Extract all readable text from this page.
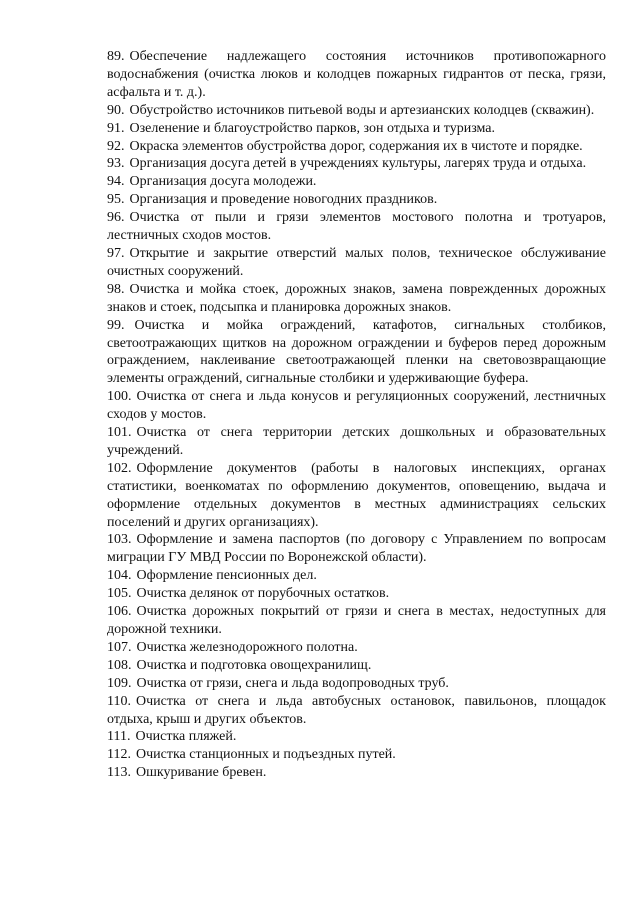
89. Обеспечение надлежащего состояния источников противопожарного водоснабжения (очистка люков и колодцев пожарных гидрантов от песка, грязи, асфальта и т. д.).

90. Обустройство источников питьевой воды и артезианских колодцев (скважин).

91. Озеленение и благоустройство парков, зон отдыха и туризма.

92. Окраска элементов обустройства дорог, содержания их в чистоте и порядке.

93. Организация досуга детей в учреждениях культуры, лагерях труда и отдыха.

94. Организация досуга молодежи.

95. Организация и проведение новогодних праздников.

96. Очистка от пыли и грязи элементов мостового полотна и тротуаров, лестничных сходов мостов.

97. Открытие и закрытие отверстий малых полов, техническое обслуживание очистных сооружений.

98. Очистка и мойка стоек, дорожных знаков, замена поврежденных дорожных знаков и стоек, подсыпка и планировка дорожных знаков.

99. Очистка и мойка ограждений, катафотов, сигнальных столбиков, светоотражающих щитков на дорожном ограждении и буферов перед дорожным ограждением, наклеивание светоотражающей пленки на световозвращающие элементы ограждений, сигнальные столбики и удерживающие буфера.

100. Очистка от снега и льда конусов и регуляционных сооружений, лестничных сходов у мостов.

101. Очистка от снега территории детских дошкольных и образовательных учреждений.

102. Оформление документов (работы в налоговых инспекциях, органах статистики, военкоматах по оформлению документов, оповещению, выдача и оформление отдельных документов в местных администрациях сельских поселений и других организациях).

103. Оформление и замена паспортов (по договору с Управлением по вопросам миграции ГУ МВД России по Воронежской области).

104. Оформление пенсионных дел.

105. Очистка делянок от порубочных остатков.

106. Очистка дорожных покрытий от грязи и снега в местах, недоступных для дорожной техники.

107. Очистка железнодорожного полотна.

108. Очистка и подготовка овощехранилищ.

109. Очистка от грязи, снега и льда водопроводных труб.

110. Очистка от снега и льда автобусных остановок, павильонов, площадок отдыха, крыш и других объектов.

111. Очистка пляжей.

112. Очистка станционных и подъездных путей.

113. Ошкуривание бревен.
